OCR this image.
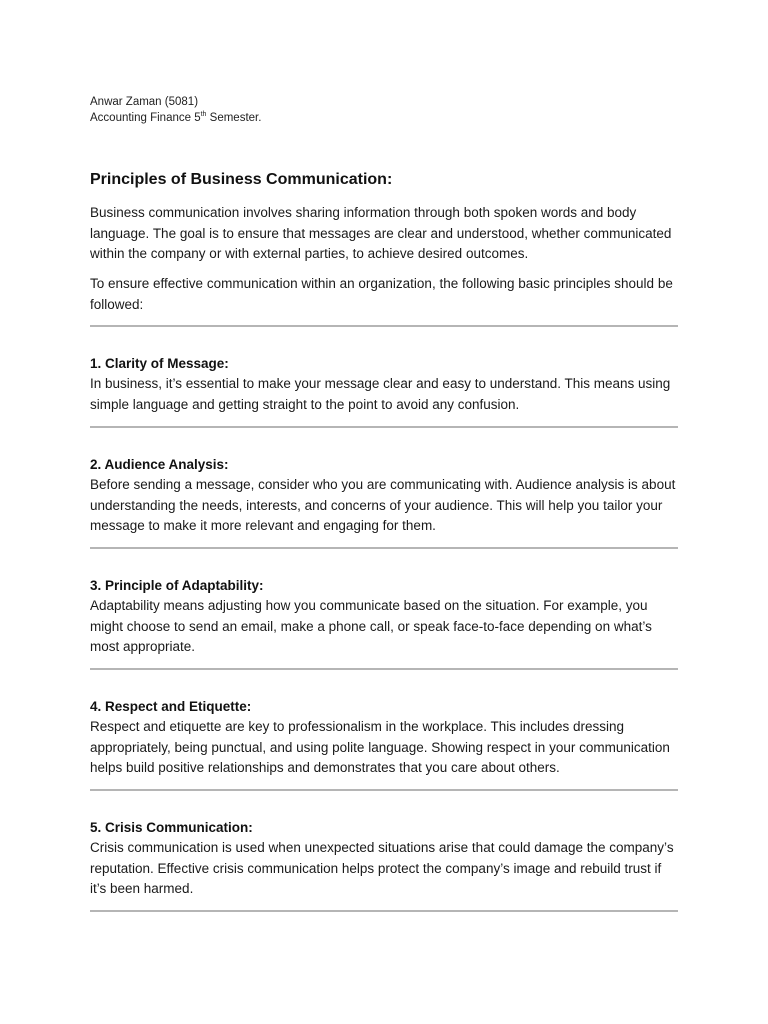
Anwar Zaman (5081)
Accounting Finance 5th Semester.
Principles of Business Communication:

Business communication involves sharing information through both spoken words and body language. The goal is to ensure that messages are clear and understood, whether communicated within the company or with external parties, to achieve desired outcomes.

To ensure effective communication within an organization, the following basic principles should be followed:

1. Clarity of Message:

In business, it’s essential to make your message clear and easy to understand. This means using simple language and getting straight to the point to avoid any confusion.

2. Audience Analysis:

Before sending a message, consider who you are communicating with. Audience analysis is about understanding the needs, interests, and concerns of your audience. This will help you tailor your message to make it more relevant and engaging for them.

3. Principle of Adaptability:

Adaptability means adjusting how you communicate based on the situation. For example, you might choose to send an email, make a phone call, or speak face-to-face depending on what’s most appropriate.

4. Respect and Etiquette:

Respect and etiquette are key to professionalism in the workplace. This includes dressing appropriately, being punctual, and using polite language. Showing respect in your communication helps build positive relationships and demonstrates that you care about others.

5. Crisis Communication:

Crisis communication is used when unexpected situations arise that could damage the company’s reputation. Effective crisis communication helps protect the company’s image and rebuild trust if it’s been harmed.
